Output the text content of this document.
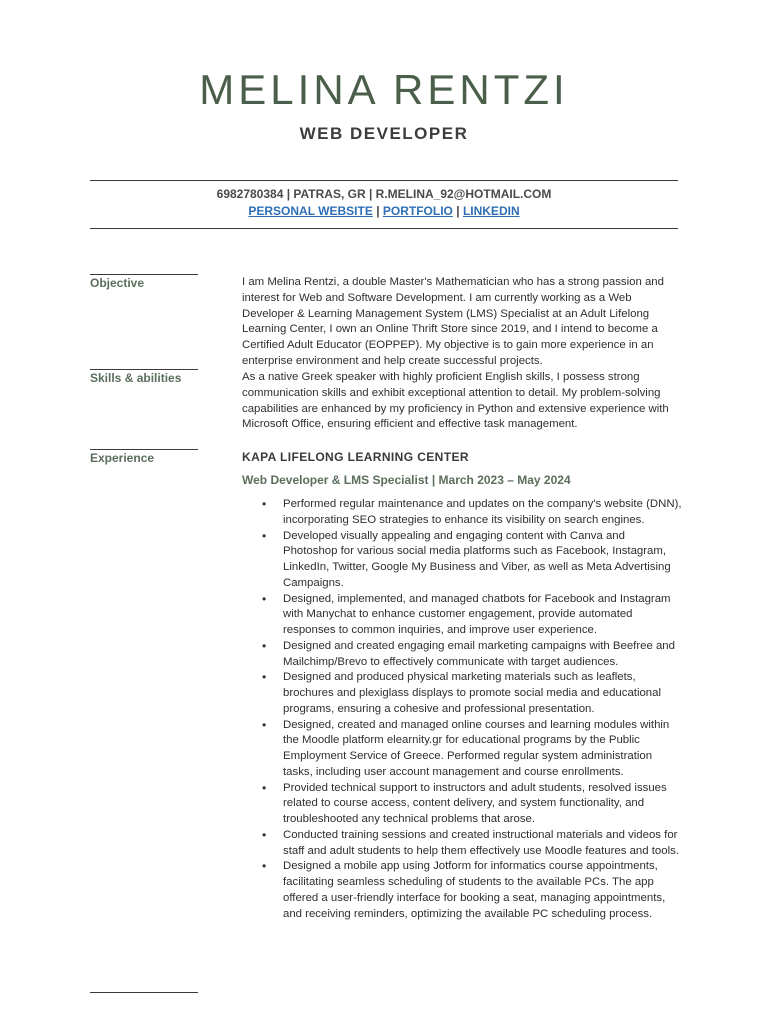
MELINA RENTZI
WEB DEVELOPER
6982780384 | PATRAS, GR | R.MELINA_92@HOTMAIL.COM
PERSONAL WEBSITE | PORTFOLIO | LINKEDIN
Objective	I am Melina Rentzi, a double Master's Mathematician who has a strong passion and interest for Web and Software Development. I am currently working as a Web Developer & Learning Management System (LMS) Specialist at an Adult Lifelong Learning Center, I own an Online Thrift Store since 2019, and I intend to become a Certified Adult Educator (EOPPEP). My objective is to gain more experience in an enterprise environment and help create successful projects.

Skills & abilities	As a native Greek speaker with highly proficient English skills, I possess strong communication skills and exhibit exceptional attention to detail. My problem-solving capabilities are enhanced by my proficiency in Python and extensive experience with Microsoft Office, ensuring efficient and effective task management.

Experience	KAPA LIFELONG LEARNING CENTER
Web Developer & LMS Specialist | March 2023 – May 2024
• Performed regular maintenance and updates on the company's website (DNN), incorporating SEO strategies to enhance its visibility on search engines.
• Developed visually appealing and engaging content with Canva and Photoshop for various social media platforms such as Facebook, Instagram, LinkedIn, Twitter, Google My Business and Viber, as well as Meta Advertising Campaigns.
• Designed, implemented, and managed chatbots for Facebook and Instagram with Manychat to enhance customer engagement, provide automated responses to common inquiries, and improve user experience.
• Designed and created engaging email marketing campaigns with Beefree and Mailchimp/Brevo to effectively communicate with target audiences.
• Designed and produced physical marketing materials such as leaflets, brochures and plexiglass displays to promote social media and educational programs, ensuring a cohesive and professional presentation.
• Designed, created and managed online courses and learning modules within the Moodle platform elearnity.gr for educational programs by the Public Employment Service of Greece. Performed regular system administration tasks, including user account management and course enrollments.
• Provided technical support to instructors and adult students, resolved issues related to course access, content delivery, and system functionality, and troubleshooted any technical problems that arose.
• Conducted training sessions and created instructional materials and videos for staff and adult students to help them effectively use Moodle features and tools.
• Designed a mobile app using Jotform for informatics course appointments, facilitating seamless scheduling of students to the available PCs. The app offered a user-friendly interface for booking a seat, managing appointments, and receiving reminders, optimizing the available PC scheduling process.
